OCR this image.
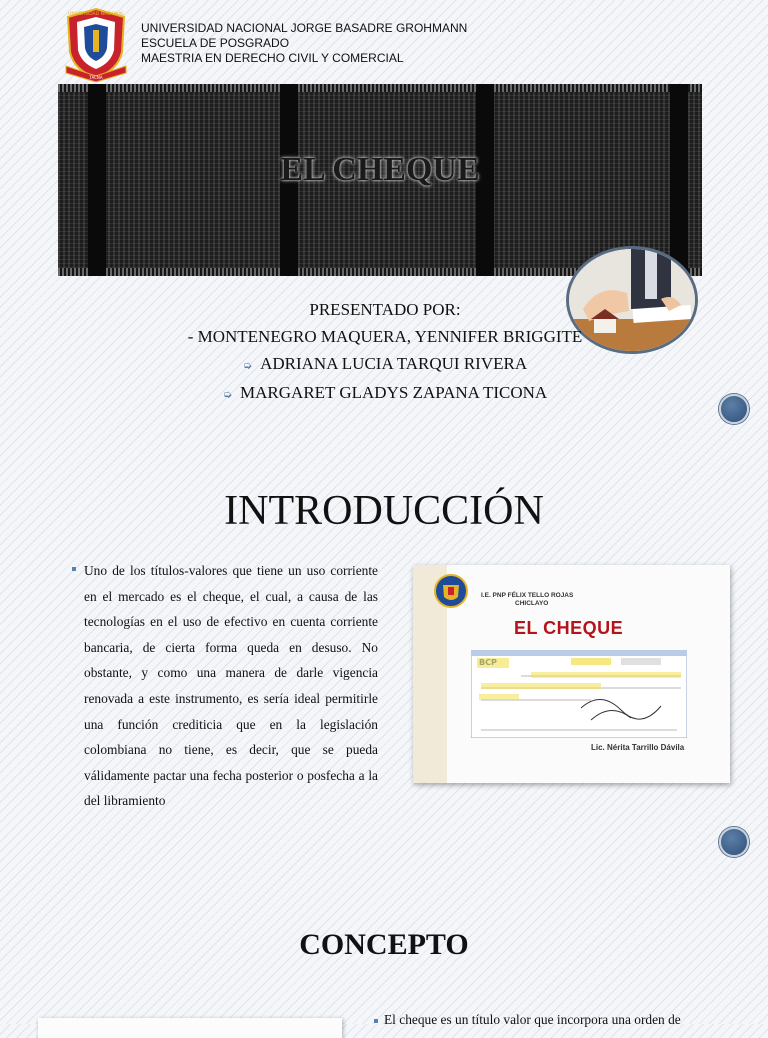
UNIVERSIDAD NACIONAL
TACNA
UNIVERSIDAD NACIONAL JORGE BASADRE GROHMANN
ESCUELA DE POSGRADO
MAESTRIA EN DERECHO CIVIL Y COMERCIAL
EL CHEQUE
PRESENTADO POR:
- MONTENEGRO MAQUERA, YENNIFER BRIGGITE
➭ ADRIANA LUCIA TARQUI RIVERA
➭ MARGARET GLADYS ZAPANA TICONA
INTRODUCCIÓN

Uno de los títulos-valores que tiene un uso corriente en el mercado es el cheque, el cual, a causa de las tecnologías en el uso de efectivo en cuenta corriente bancaria, de cierta forma queda en desuso. No obstante, y como una manera de darle vigencia renovada a este instrumento, es sería ideal permitirle una función crediticia que en la legislación colombiana no tiene, es decir, que se pueda válidamente pactar una fecha posterior o posfecha a la del libramiento

I.E. PNP FÉLIX TELLO ROJAS
CHICLAYO
EL CHEQUE
Lic. Nérita Tarrillo Dávila
CONCEPTO
El cheque es un título valor que incorpora una orden de
